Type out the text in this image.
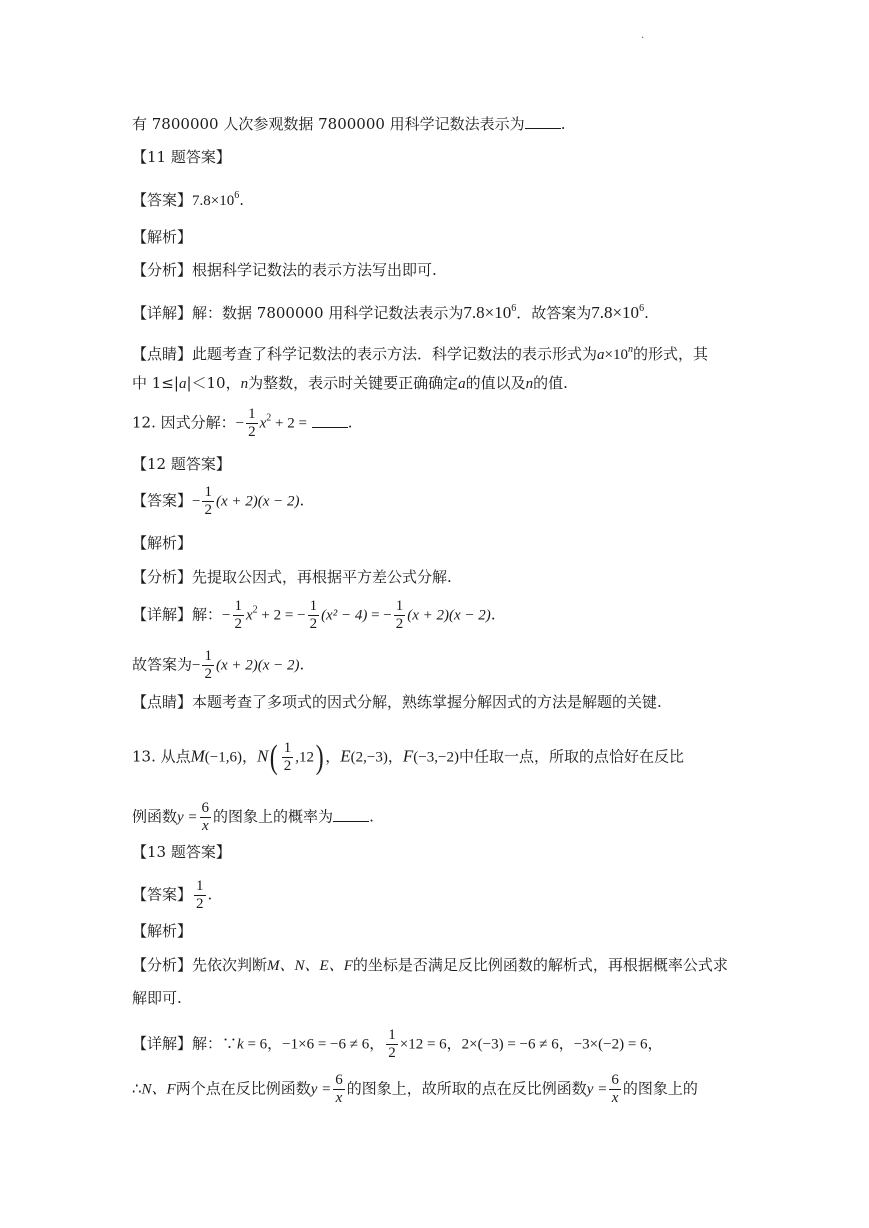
.
有 7800000 人次参观数据 7800000 用科学记数法表示为 .
【11 题答案】
【答案】$7.8\times 10^6$.
【解析】
【分析】根据科学记数法的表示方法写出即可.
【详解】解：数据 7800000 用科学记数法表示为$7.8\times 10^6$．故答案为$7.8\times 10^6$.
【点睛】此题考查了科学记数法的表示方法．科学记数法的表示形式为$a\times 10^n$的形式，其
中 1≤|a|＜10，n为整数，表示时关键要正确确定a的值以及n的值.
12. 因式分解：− $\frac{1}{2} x^2 + 2$ =	.
【12 题答案】
【答案】− $\frac{1}{2} (x + 2)(x - 2)$.
【解析】
【分析】先提取公因式，再根据平方差公式分解.
【详解】解：− $\frac{1}{2} x^2 + 2$ = − $\frac{1}{2} (x^2 - 4)$ = − $\frac{1}{2} (x + 2)(x - 2)$.
故答案为− $\frac{1}{2} (x + 2)(x - 2)$.
【点睛】本题考查了多项式的因式分解，熟练掌握分解因式的方法是解题的关键.
13. 从点M(−1,6)，$N( \frac{1}{2} ,12)$ ，E(2,−3)，F(−3,−2)中任取一点，所取的点恰好在反比
例函数$y = \frac{6}{x}$ 的图象上的概率为 .
【13 题答案】
【答案】 $\frac{1}{2}$ .
【解析】
【分析】先依次判断M、N、E、F的坐标是否满足反比例函数的解析式，再根据概率公式求
解即可.
【详解】解：∵k = 6，−1×6 = −6 ≠ 6， $\frac{1}{2} \times 12 = 6$，2×(−3) = −6 ≠ 6，−3×(−2) = 6，
∴N、F两个点在反比例函数$y = \frac{6}{x}$ 的图象上，故所取的点在反比例函数$y = \frac{6}{x}$ 的图象上的
